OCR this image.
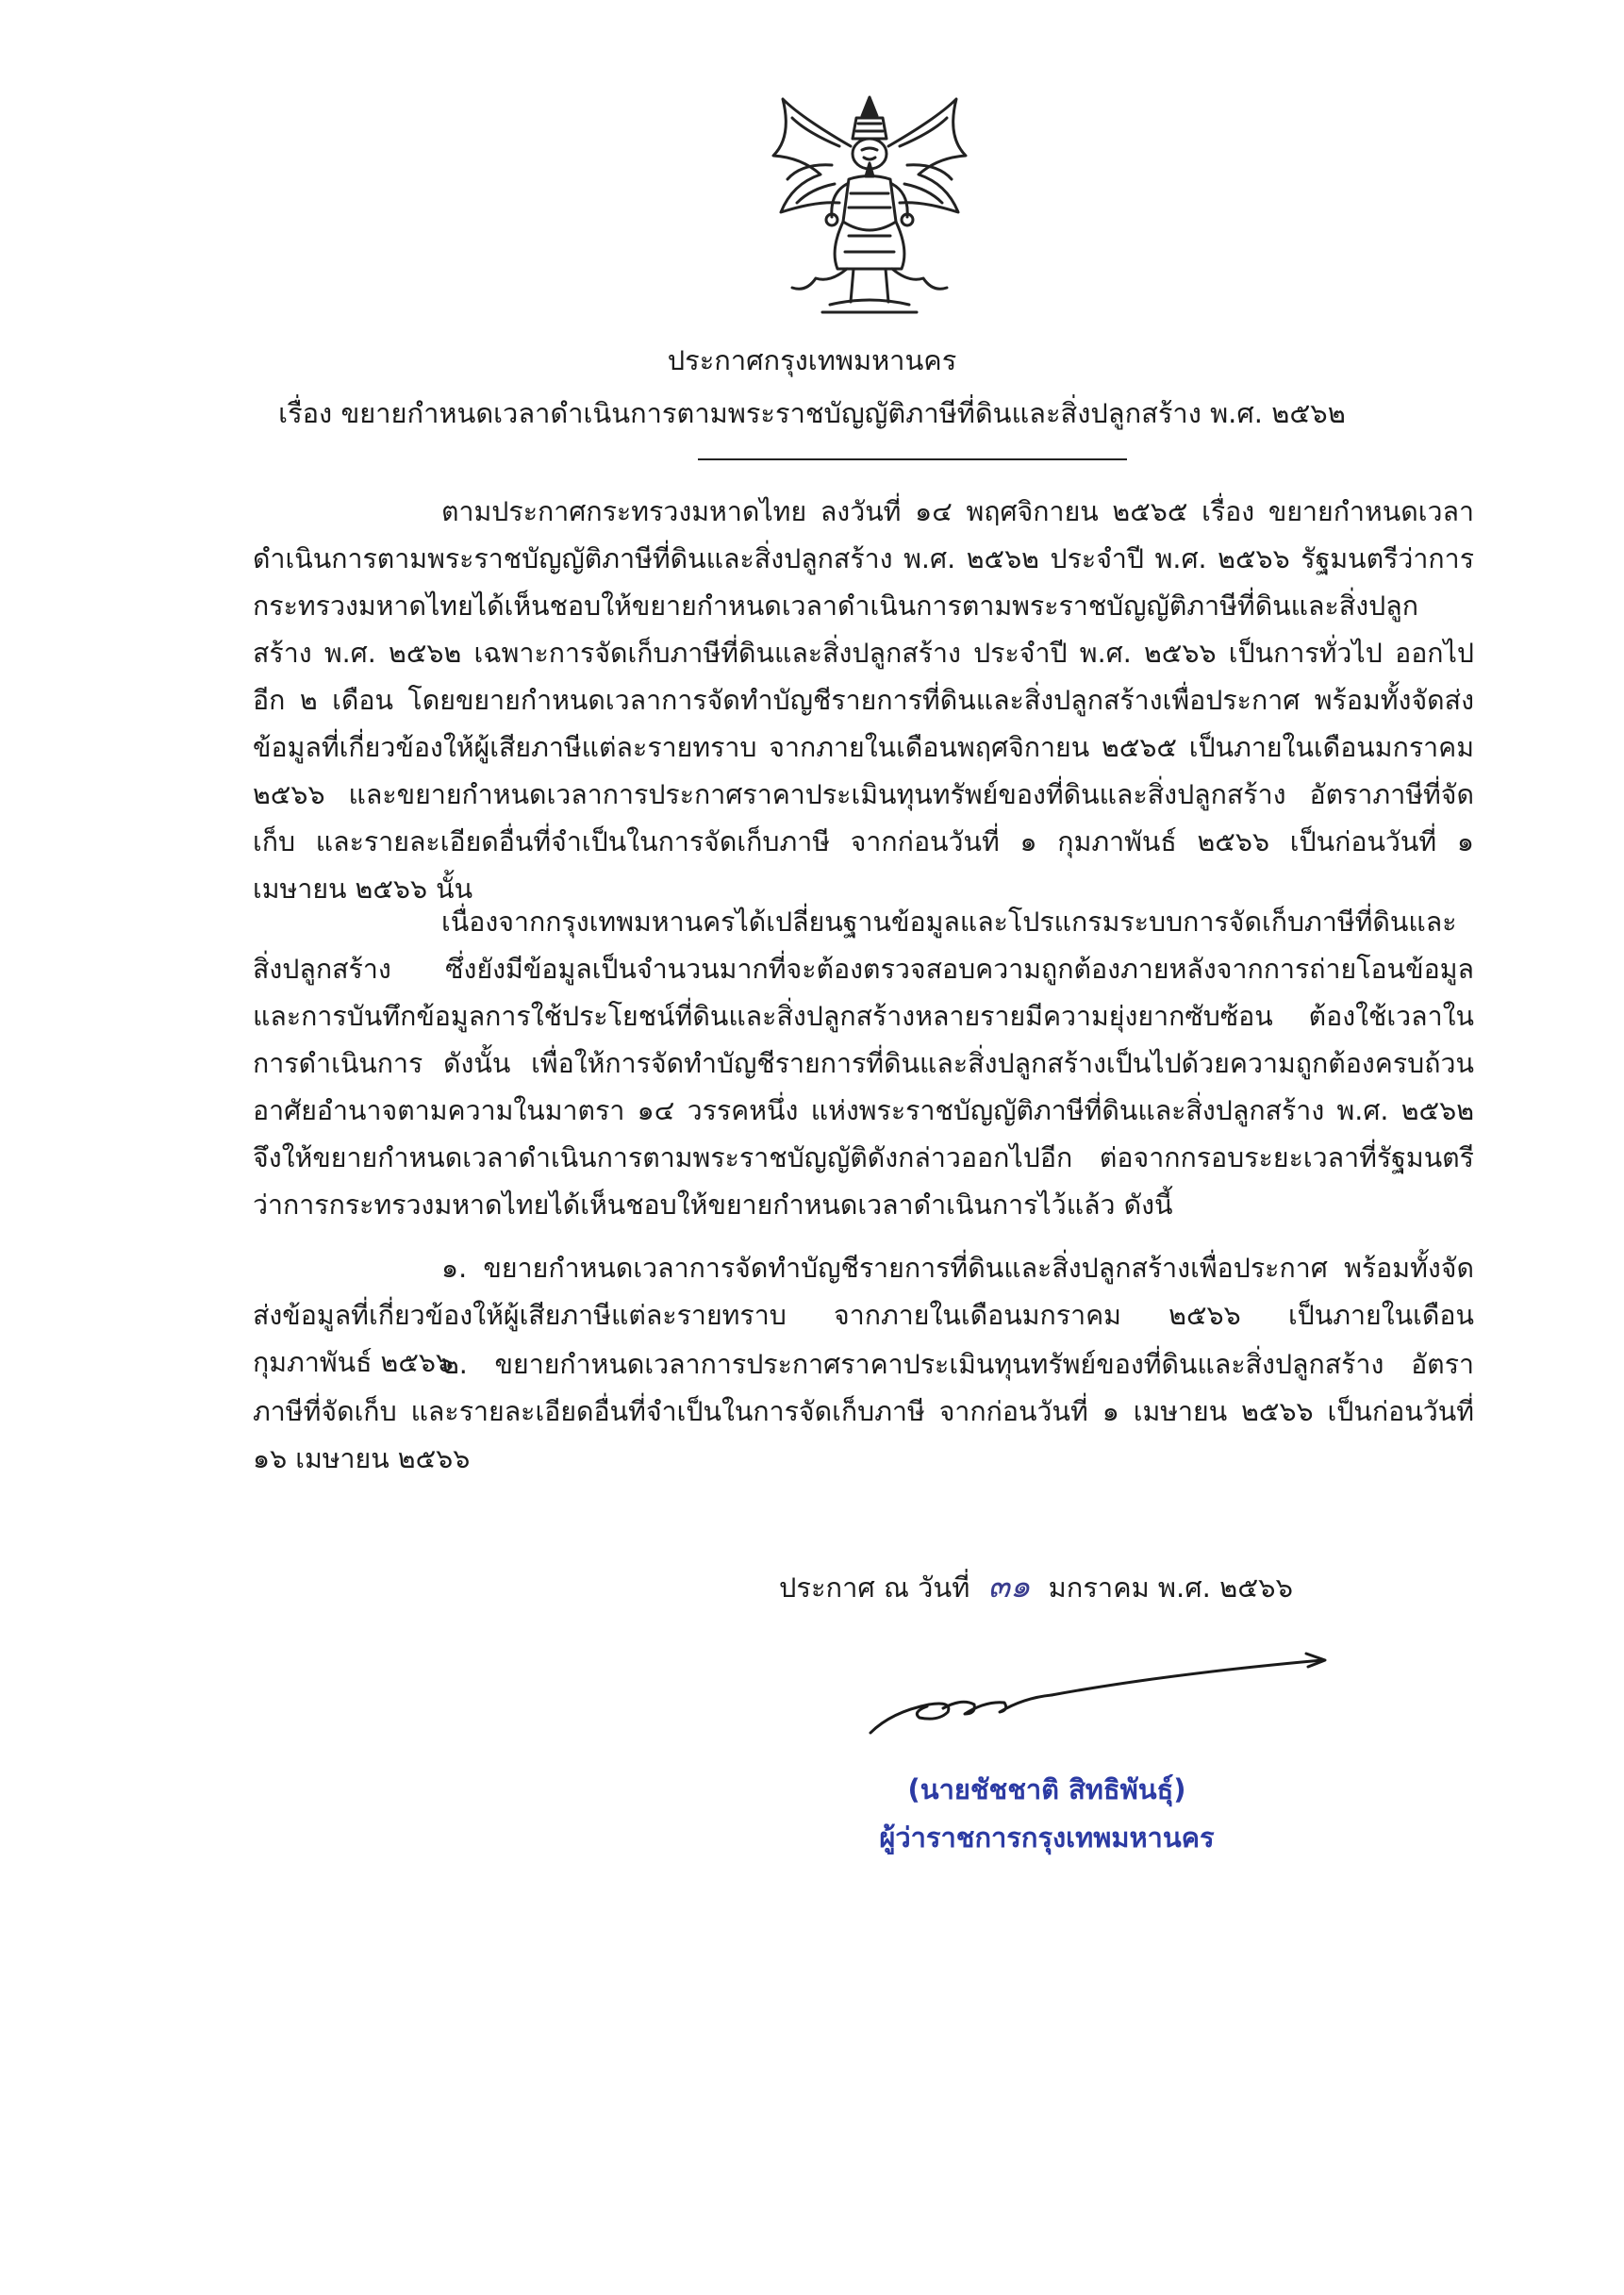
ประกาศกรุงเทพมหานคร
เรื่อง ขยายกำหนดเวลาดำเนินการตามพระราชบัญญัติภาษีที่ดินและสิ่งปลูกสร้าง พ.ศ. ๒๕๖๒

ตามประกาศกระทรวงมหาดไทย ลงวันที่ ๑๔ พฤศจิกายน ๒๕๖๕ เรื่อง ขยายกำหนดเวลาดำเนินการตามพระราชบัญญัติภาษีที่ดินและสิ่งปลูกสร้าง พ.ศ. ๒๕๖๒ ประจำปี พ.ศ. ๒๕๖๖ รัฐมนตรีว่าการกระทรวงมหาดไทยได้เห็นชอบให้ขยายกำหนดเวลาดำเนินการตามพระราชบัญญัติภาษีที่ดินและสิ่งปลูกสร้าง พ.ศ. ๒๕๖๒ เฉพาะการจัดเก็บภาษีที่ดินและสิ่งปลูกสร้าง ประจำปี พ.ศ. ๒๕๖๖ เป็นการทั่วไป ออกไปอีก ๒ เดือน โดยขยายกำหนดเวลาการจัดทำบัญชีรายการที่ดินและสิ่งปลูกสร้างเพื่อประกาศ พร้อมทั้งจัดส่งข้อมูลที่เกี่ยวข้องให้ผู้เสียภาษีแต่ละรายทราบ จากภายในเดือนพฤศจิกายน ๒๕๖๕ เป็นภายในเดือนมกราคม ๒๕๖๖ และขยายกำหนดเวลาการประกาศราคาประเมินทุนทรัพย์ของที่ดินและสิ่งปลูกสร้าง อัตราภาษีที่จัดเก็บ และรายละเอียดอื่นที่จำเป็นในการจัดเก็บภาษี จากก่อนวันที่ ๑ กุมภาพันธ์ ๒๕๖๖ เป็นก่อนวันที่ ๑ เมษายน ๒๕๖๖ นั้น

เนื่องจากกรุงเทพมหานครได้เปลี่ยนฐานข้อมูลและโปรแกรมระบบการจัดเก็บภาษีที่ดินและสิ่งปลูกสร้าง ซึ่งยังมีข้อมูลเป็นจำนวนมากที่จะต้องตรวจสอบความถูกต้องภายหลังจากการถ่ายโอนข้อมูลและการบันทึกข้อมูลการใช้ประโยชน์ที่ดินและสิ่งปลูกสร้างหลายรายมีความยุ่งยากซับซ้อน ต้องใช้เวลาในการดำเนินการ ดังนั้น เพื่อให้การจัดทำบัญชีรายการที่ดินและสิ่งปลูกสร้างเป็นไปด้วยความถูกต้องครบถ้วน อาศัยอำนาจตามความในมาตรา ๑๔ วรรคหนึ่ง แห่งพระราชบัญญัติภาษีที่ดินและสิ่งปลูกสร้าง พ.ศ. ๒๕๖๒ จึงให้ขยายกำหนดเวลาดำเนินการตามพระราชบัญญัติดังกล่าวออกไปอีก ต่อจากกรอบระยะเวลาที่รัฐมนตรีว่าการกระทรวงมหาดไทยได้เห็นชอบให้ขยายกำหนดเวลาดำเนินการไว้แล้ว ดังนี้

๑. ขยายกำหนดเวลาการจัดทำบัญชีรายการที่ดินและสิ่งปลูกสร้างเพื่อประกาศ พร้อมทั้งจัดส่งข้อมูลที่เกี่ยวข้องให้ผู้เสียภาษีแต่ละรายทราบ จากภายในเดือนมกราคม ๒๕๖๖ เป็นภายในเดือนกุมภาพันธ์ ๒๕๖๖

๒. ขยายกำหนดเวลาการประกาศราคาประเมินทุนทรัพย์ของที่ดินและสิ่งปลูกสร้าง อัตราภาษีที่จัดเก็บ และรายละเอียดอื่นที่จำเป็นในการจัดเก็บภาษี จากก่อนวันที่ ๑ เมษายน ๒๕๖๖ เป็นก่อนวันที่ ๑๖ เมษายน ๒๕๖๖

ประกาศ ณ วันที่ ๓๑ มกราคม พ.ศ. ๒๕๖๖
(นายชัชชาติ สิทธิพันธุ์)
ผู้ว่าราชการกรุงเทพมหานคร
